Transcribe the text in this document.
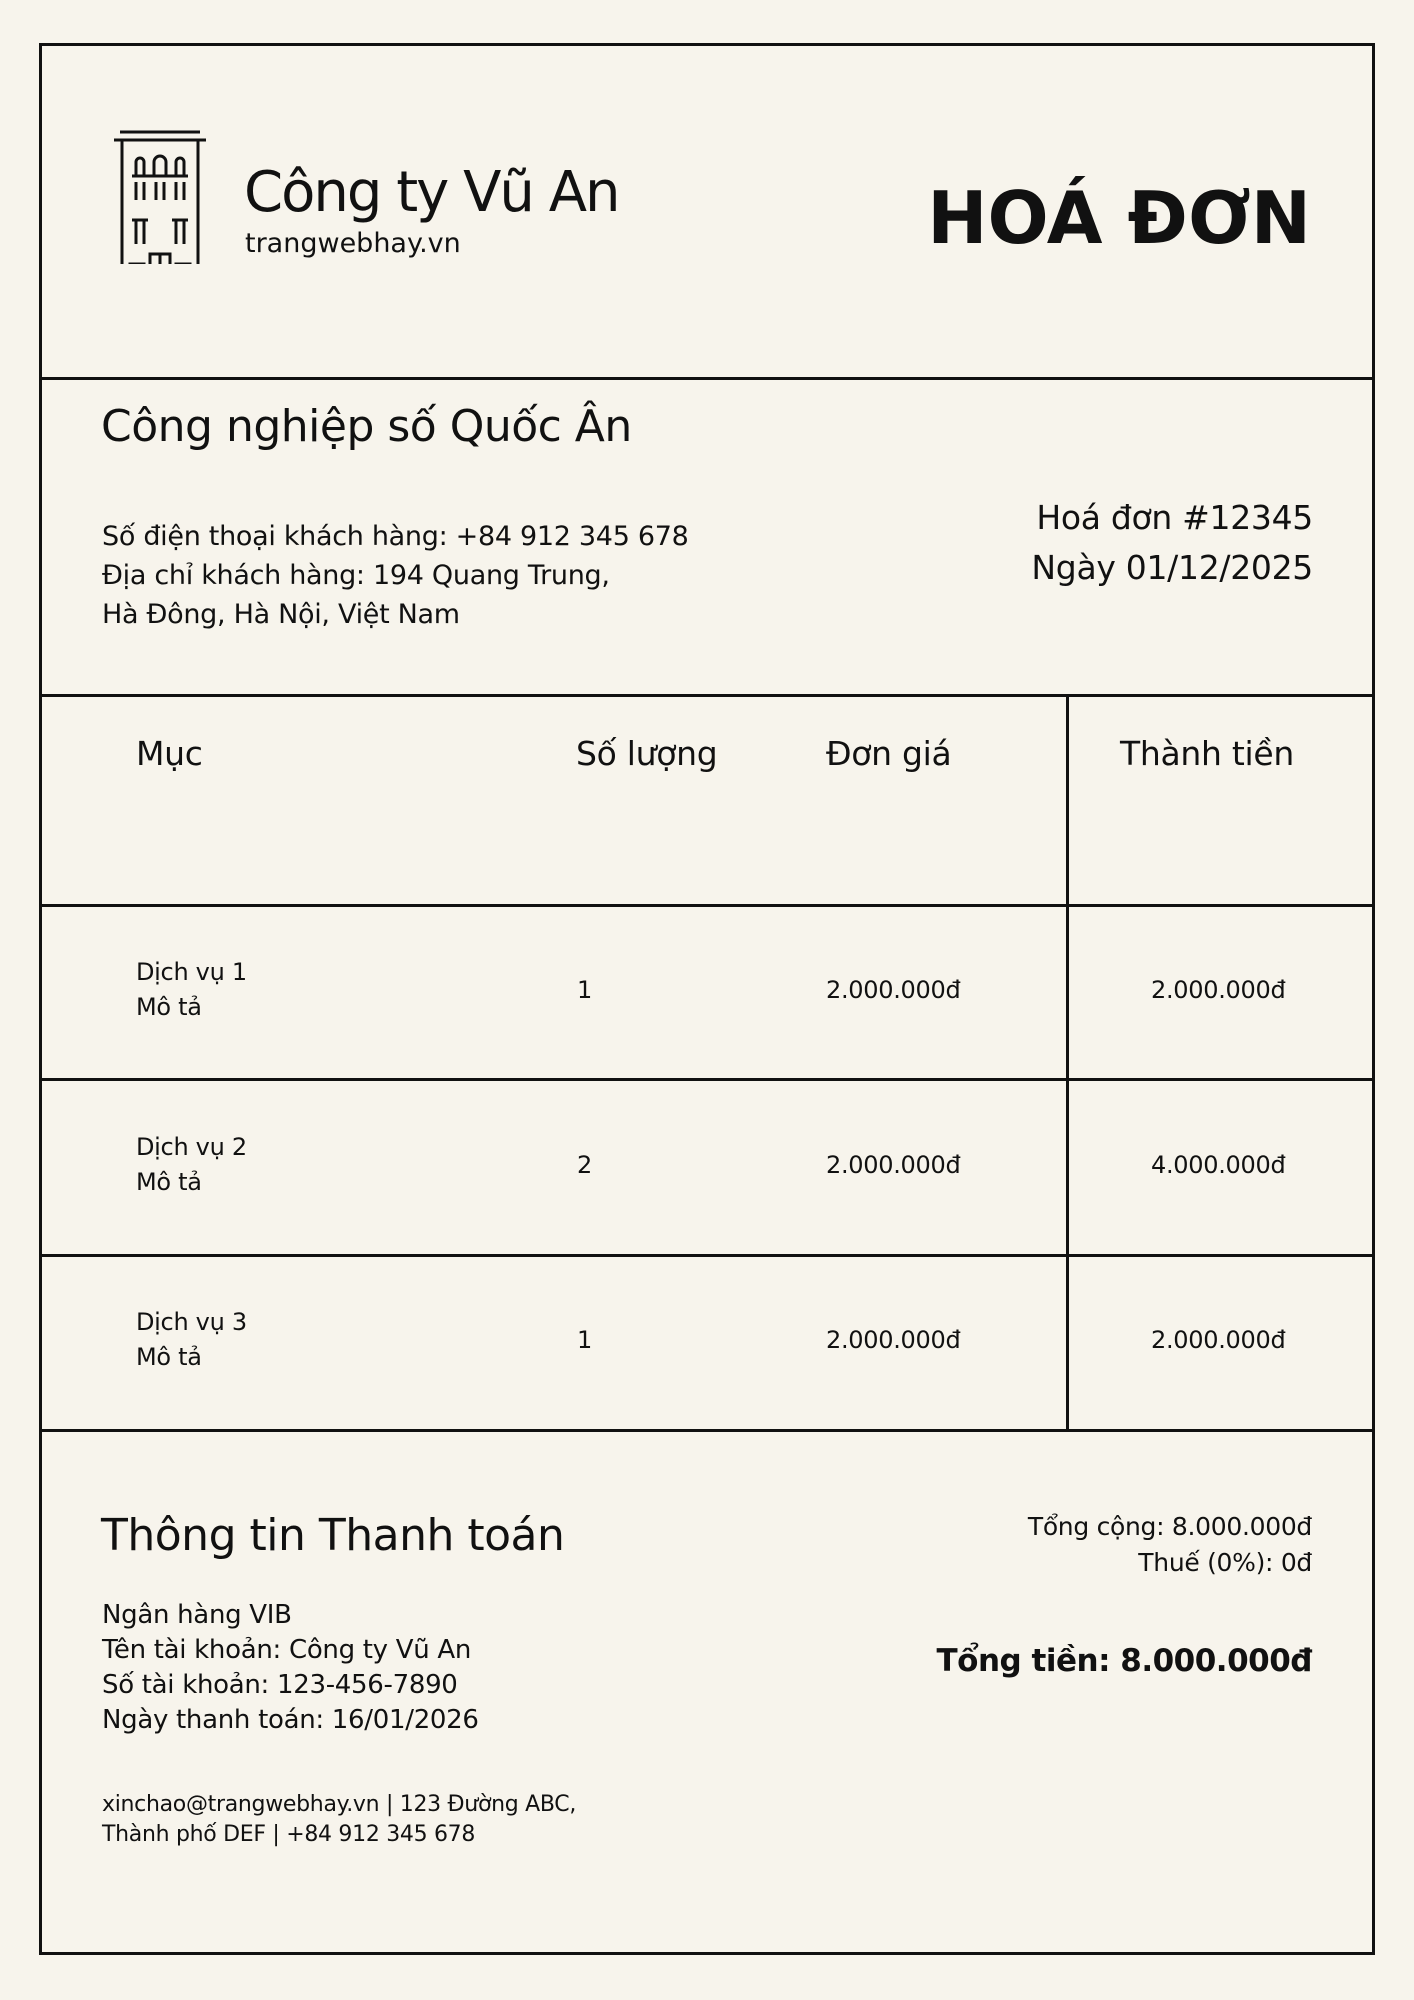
Công ty Vũ An
trangwebhay.vn	HOÁ ĐƠN
Công nghiệp số Quốc Ân
Số điện thoại khách hàng: +84 912 345 678
Địa chỉ khách hàng: 194 Quang Trung,
Hà Đông, Hà Nội, Việt Nam
Hoá đơn #12345
Ngày 01/12/2025
Mục	Số lượng	Đơn giá	Thành tiền
Dịch vụ 1
Mô tả
1	2.000.000đ	2.000.000đ
Dịch vụ 2
Mô tả
2	2.000.000đ	4.000.000đ
Dịch vụ 3
Mô tả
1	2.000.000đ	2.000.000đ
Thông tin Thanh toán
Ngân hàng VIB
Tên tài khoản: Công ty Vũ An
Số tài khoản: 123-456-7890
Ngày thanh toán: 16/01/2026
Tổng cộng: 8.000.000đ
Thuế (0%): 0đ
Tổng tiền: 8.000.000đ
xinchao@trangwebhay.vn | 123 Đường ABC,
Thành phố DEF | +84 912 345 678
